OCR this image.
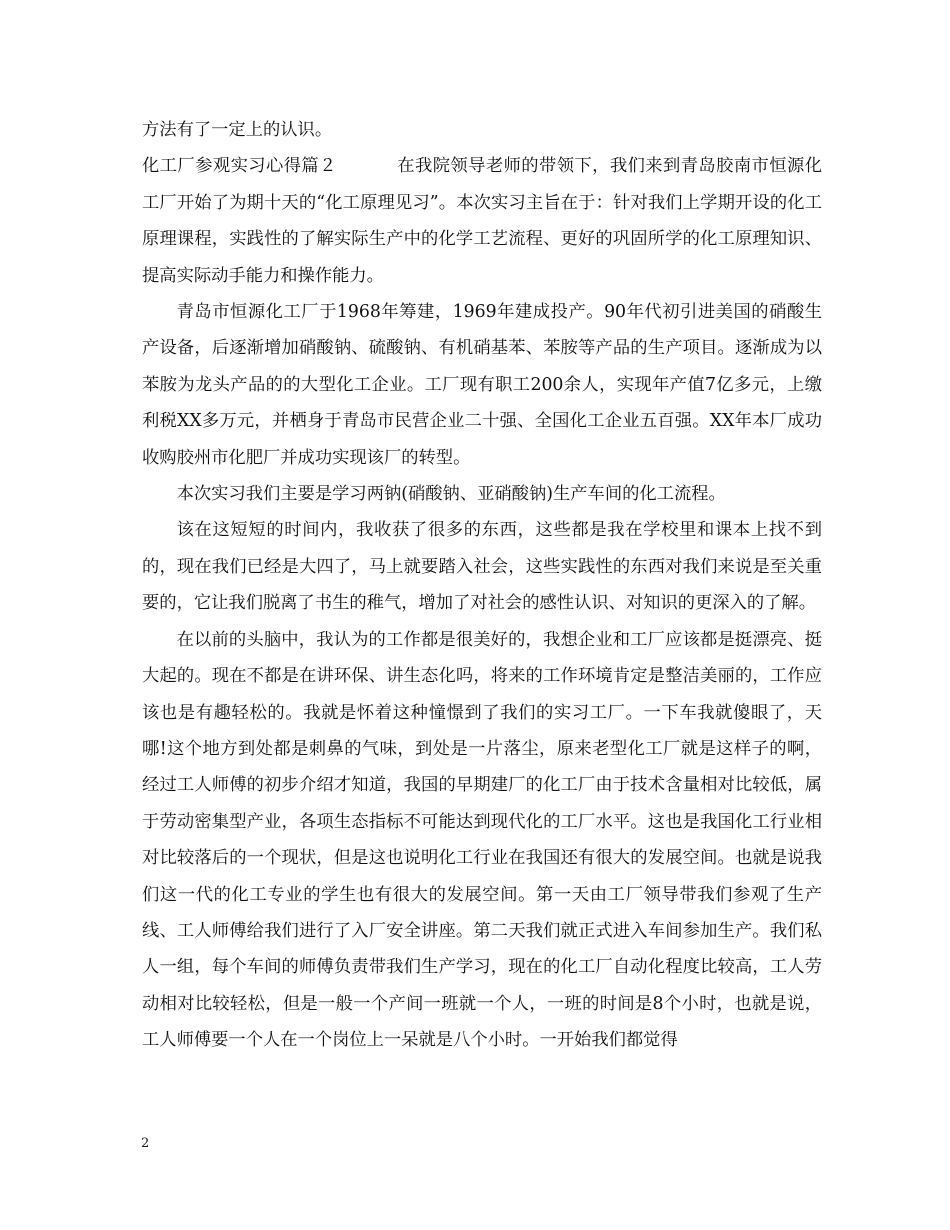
方法有了一定上的认识。

化工厂参观实习心得篇２	在我院领导老师的带领下，我们来到青岛胶南市恒源化工厂开始了为期十天的“化工原理见习”。本次实习主旨在于：针对我们上学期开设的化工原理课程，实践性的了解实际生产中的化学工艺流程、更好的巩固所学的化工原理知识、提高实际动手能力和操作能力。

青岛市恒源化工厂于1968年筹建，1969年建成投产。90年代初引进美国的硝酸生产设备，后逐渐增加硝酸钠、硫酸钠、有机硝基苯、苯胺等产品的生产项目。逐渐成为以苯胺为龙头产品的的大型化工企业。工厂现有职工200余人，实现年产值7亿多元，上缴利税XX多万元，并栖身于青岛市民营企业二十强、全国化工企业五百强。XX年本厂成功收购胶州市化肥厂并成功实现该厂的转型。

本次实习我们主要是学习两钠(硝酸钠、亚硝酸钠)生产车间的化工流程。

该在这短短的时间内，我收获了很多的东西，这些都是我在学校里和课本上找不到的，现在我们已经是大四了，马上就要踏入社会，这些实践性的东西对我们来说是至关重要的，它让我们脱离了书生的稚气，增加了对社会的感性认识、对知识的更深入的了解。

在以前的头脑中，我认为的工作都是很美好的，我想企业和工厂应该都是挺漂亮、挺大起的。现在不都是在讲环保、讲生态化吗，将来的工作环境肯定是整洁美丽的，工作应该也是有趣轻松的。我就是怀着这种憧憬到了我们的实习工厂。一下车我就傻眼了，天哪!这个地方到处都是刺鼻的气味，到处是一片落尘，原来老型化工厂就是这样子的啊，经过工人师傅的初步介绍才知道，我国的早期建厂的化工厂由于技术含量相对比较低，属于劳动密集型产业，各项生态指标不可能达到现代化的工厂水平。这也是我国化工行业相对比较落后的一个现状，但是这也说明化工行业在我国还有很大的发展空间。也就是说我们这一代的化工专业的学生也有很大的发展空间。第一天由工厂领导带我们参观了生产线、工人师傅给我们进行了入厂安全讲座。第二天我们就正式进入车间参加生产。我们私人一组，每个车间的师傅负责带我们生产学习，现在的化工厂自动化程度比较高，工人劳动相对比较轻松，但是一般一个产间一班就一个人，一班的时间是8个小时，也就是说，工人师傅要一个人在一个岗位上一呆就是八个小时。一开始我们都觉得

2
